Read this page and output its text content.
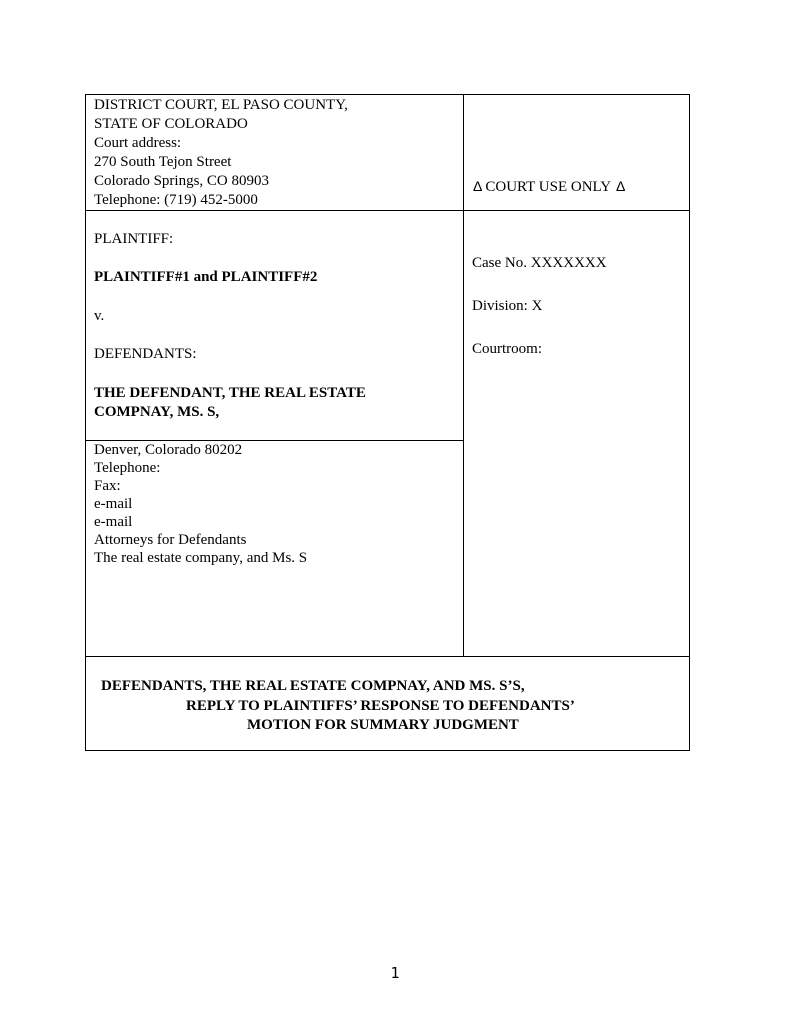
DISTRICT COURT, EL PASO COUNTY,
STATE OF COLORADO
Court address:
270 South Tejon Street
Colorado Springs, CO 80903
Telephone: (719) 452-5000
Δ COURT USE ONLY Δ
PLAINTIFF:
PLAINTIFF#1 and PLAINTIFF#2
v.
DEFENDANTS:
THE DEFENDANT, THE REAL ESTATE
COMPNAY, MS. S,
Denver, Colorado 80202
Telephone:
Fax:
e-mail
e-mail
Attorneys for Defendants
The real estate company, and Ms. S
Case No. XXXXXXX
Division: X
Courtroom:
DEFENDANTS, THE REAL ESTATE COMPNAY, AND MS. S’S,
REPLY TO PLAINTIFFS’ RESPONSE TO DEFENDANTS’
MOTION FOR SUMMARY JUDGMENT
1
